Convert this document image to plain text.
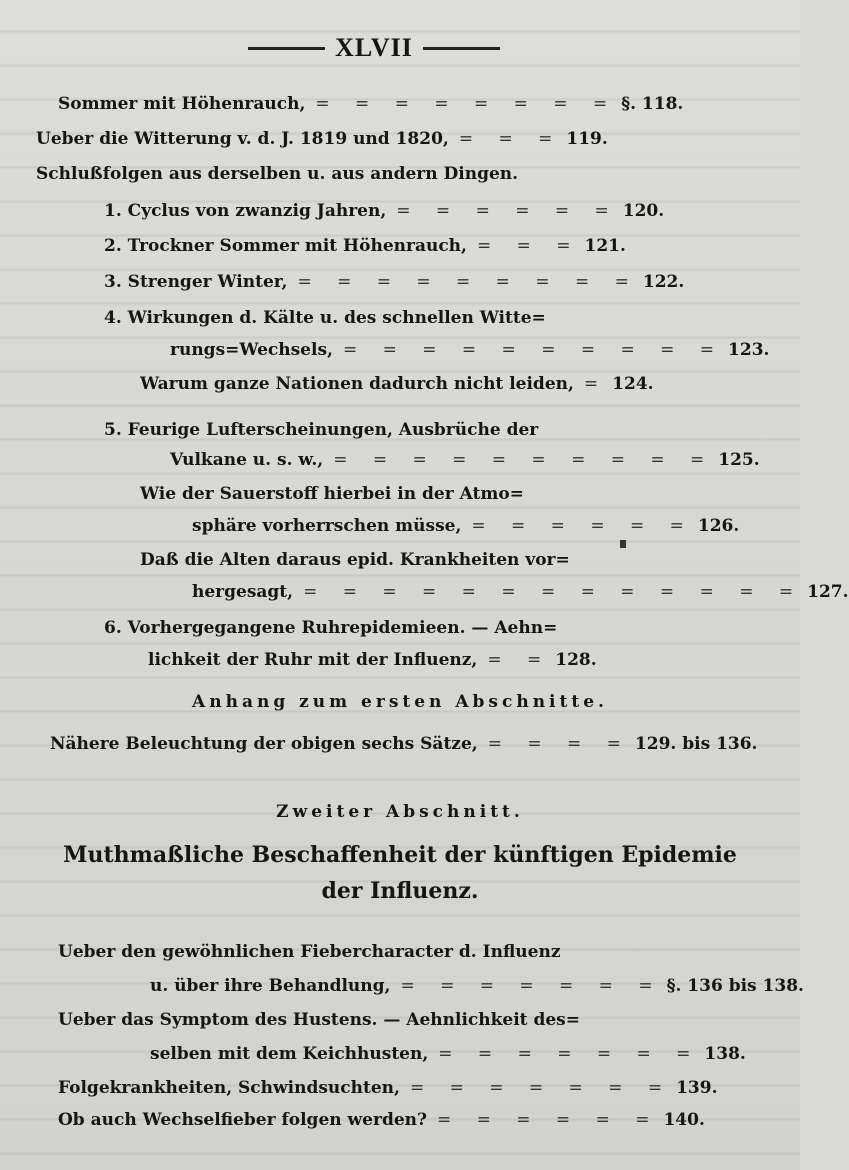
XLVII
Sommer mit Höhenrauch, = = = = = = = = §. 118.
Ueber die Witterung v. d. J. 1819 und 1820, = = = 119.
Schlußfolgen aus derselben u. aus andern Dingen.
1. Cyclus von zwanzig Jahren, = = = = = = 120.
2. Trockner Sommer mit Höhenrauch, = = = 121.
3. Strenger Winter, = = = = = = = = = 122.
4. Wirkungen d. Kälte u. des schnellen Witte=
rungs=Wechsels, = = = = = = = = = = 123.
Warum ganze Nationen dadurch nicht leiden, = 124.
5. Feurige Lufterscheinungen, Ausbrüche der
Vulkane u. s. w., = = = = = = = = = = 125.
Wie der Sauerstoff hierbei in der Atmo=
sphäre vorherrschen müsse, = = = = = = 126.
Daß die Alten daraus epid. Krankheiten vor=
hergesagt, = = = = = = = = = = = = = 127.
6. Vorhergegangene Ruhrepidemieen. — Aehn=
lichkeit der Ruhr mit der Influenz, = = 128.
Anhang zum ersten Abschnitte.
Nähere Beleuchtung der obigen sechs Sätze, = = = = 129. bis 136.
Zweiter Abschnitt.
Muthmaßliche Beschaffenheit der künftigen Epidemie
der Influenz.
Ueber den gewöhnlichen Fiebercharacter d. Influenz
u. über ihre Behandlung, = = = = = = = §. 136 bis 138.
Ueber das Symptom des Hustens. — Aehnlichkeit des=
selben mit dem Keichhusten, = = = = = = = 138.
Folgekrankheiten, Schwindsuchten, = = = = = = = 139.
Ob auch Wechselfieber folgen werden? = = = = = = 140.
